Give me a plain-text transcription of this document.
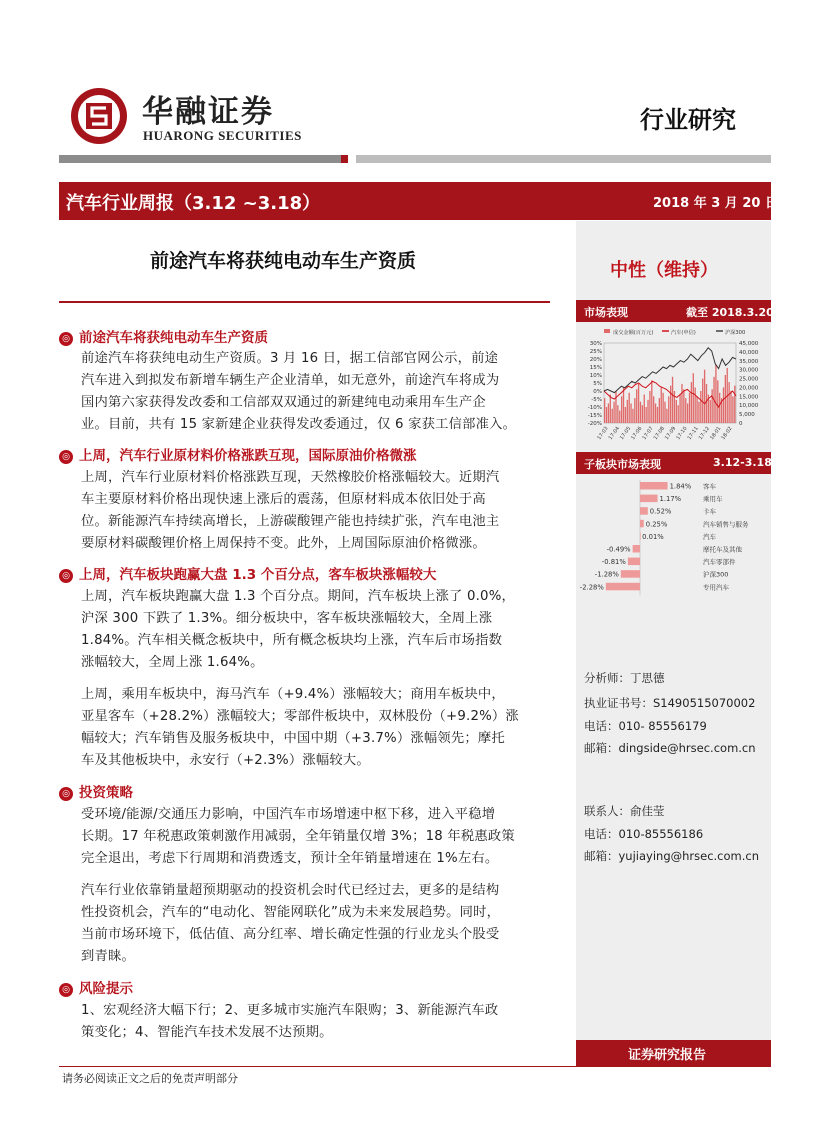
华融证券
HUARONG SECURITIES
行业研究
汽车行业周报（3.12 ~3.18）	2018 年 3 月 20 日
前途汽车将获纯电动车生产资质	中性（维持）
市场表现	截至 2018.3.20
成交金额(百万元)	汽车(申信)	沪深300
30%
25%
20%
15%
10%
5%
0%
-5%
-10%
-15%
-20%
45,000
40,000
35,000
30,000
25,000
20,000
15,000
10,000
5,000
0
17-03
17-04
17-05
17-06
17-07
17-08
17-09
17-10
17-11
17-12
18-01
18-02
子板块市场表现	3.12-3.18
1.84% 客车
1.17%	乘用车
0.52%	卡车
0.25%	汽车销售与服务
0.01%	汽车
-0.49%	摩托车及其他
-0.81%	汽车零部件
-1.28%	沪深300
-2.28%	专用汽车
分析师：丁思德
执业证书号：S1490515070002
电话：010- 85556179
邮箱：dingside@hrsec.com.cn
联系人：俞佳莹
电话：010-85556186
邮箱：yujiaying@hrsec.com.cn
证券研究报告
请务必阅读正文之后的免责声明部分
◎ 前途汽车将获纯电动车生产资质
前途汽车将获纯电动生产资质。3 月 16 日，据工信部官网公示，前途
汽车进入到拟发布新增车辆生产企业清单，如无意外，前途汽车将成为
国内第六家获得发改委和工信部双双通过的新建纯电动乘用车生产企
业。目前，共有 15 家新建企业获得发改委通过，仅 6 家获工信部准入。
◎ 上周，汽车行业原材料价格涨跌互现，国际原油价格微涨
上周，汽车行业原材料价格涨跌互现，天然橡胶价格涨幅较大。近期汽
车主要原材料价格出现快速上涨后的震荡，但原材料成本依旧处于高
位。新能源汽车持续高增长，上游碳酸锂产能也持续扩张，汽车电池主
要原材料碳酸锂价格上周保持不变。此外，上周国际原油价格微涨。
◎ 上周，汽车板块跑赢大盘 1.3 个百分点，客车板块涨幅较大
上周，汽车板块跑赢大盘 1.3 个百分点。期间，汽车板块上涨了 0.0%，
沪深 300 下跌了 1.3%。细分板块中，客车板块涨幅较大，全周上涨
1.84%。汽车相关概念板块中，所有概念板块均上涨，汽车后市场指数
涨幅较大，全周上涨 1.64%。
上周，乘用车板块中，海马汽车（+9.4%）涨幅较大；商用车板块中，
亚星客车（+28.2%）涨幅较大；零部件板块中，双林股份（+9.2%）涨
幅较大；汽车销售及服务板块中，中国中期（+3.7%）涨幅领先；摩托
车及其他板块中，永安行（+2.3%）涨幅较大。
◎ 投资策略
受环境/能源/交通压力影响，中国汽车市场增速中枢下移，进入平稳增
长期。17 年税惠政策刺激作用减弱，全年销量仅增 3%；18 年税惠政策
完全退出，考虑下行周期和消费透支，预计全年销量增速在 1%左右。
汽车行业依靠销量超预期驱动的投资机会时代已经过去，更多的是结构
性投资机会，汽车的“电动化、智能网联化”成为未来发展趋势。同时，
当前市场环境下，低估值、高分红率、增长确定性强的行业龙头个股受
到青睐。
◎ 风险提示
1、宏观经济大幅下行；2、更多城市实施汽车限购；3、新能源汽车政
策变化；4、智能汽车技术发展不达预期。
